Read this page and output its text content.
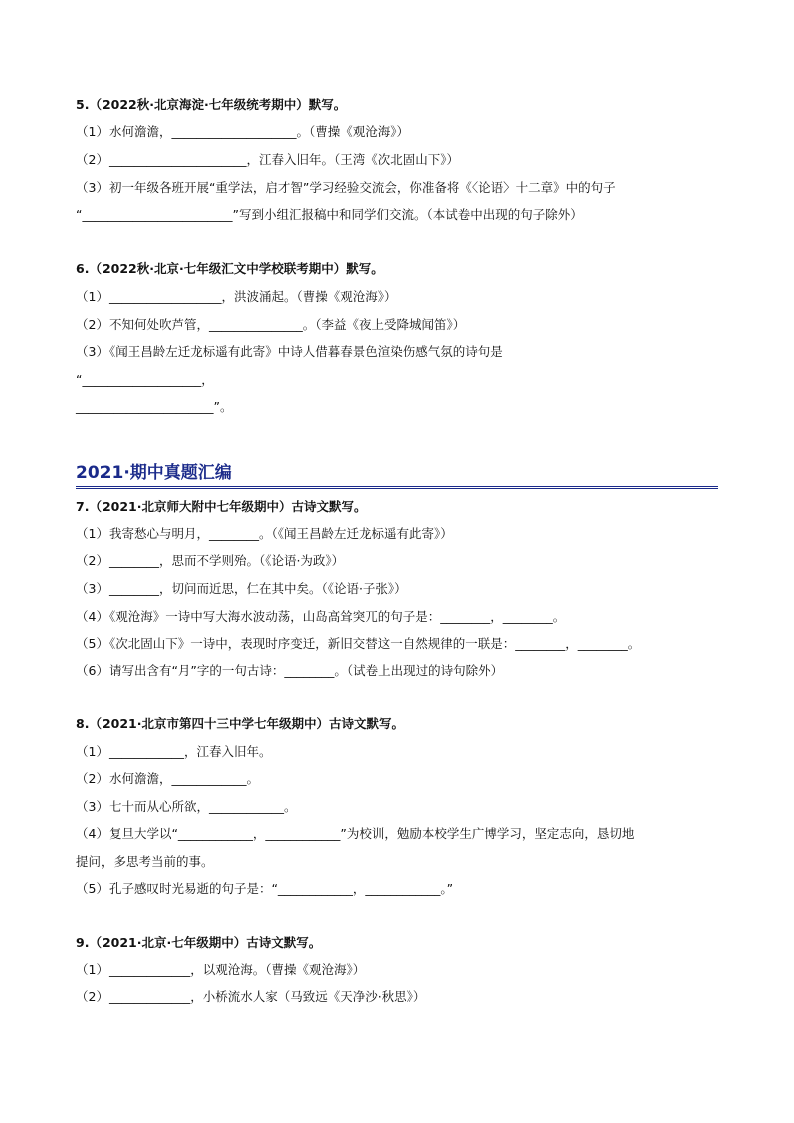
5.（2022秋·北京海淀·七年级统考期中）默写。
（1）水何澹澹，____________________。（曹操《观沧海》）
（2）______________________，江春入旧年。（王湾《次北固山下》）
（3）初一年级各班开展“重学法，启才智”学习经验交流会，你准备将《〈论语〉十二章》中的句子
“________________________”写到小组汇报稿中和同学们交流。（本试卷中出现的句子除外）
6.（2022秋·北京·七年级汇文中学校联考期中）默写。
（1）__________________，洪波涌起。（曹操《观沧海》）
（2）不知何处吹芦管，_______________。（李益《夜上受降城闻笛》）
（3）《闻王昌龄左迁龙标遥有此寄》中诗人借暮春景色渲染伤感气氛的诗句是
“___________________，
______________________”。
2021·期中真题汇编
7.（2021·北京师大附中七年级期中）古诗文默写。
（1）我寄愁心与明月，________。（《闻王昌龄左迁龙标遥有此寄》）
（2）________，思而不学则殆。（《论语·为政》）
（3）________，切问而近思，仁在其中矣。（《论语·子张》）
（4）《观沧海》一诗中写大海水波动荡，山岛高耸突兀的句子是：________，________。
（5）《次北固山下》一诗中，表现时序变迁，新旧交替这一自然规律的一联是：________，________。
（6）请写出含有“月”字的一句古诗：________。（试卷上出现过的诗句除外）
8.（2021·北京市第四十三中学七年级期中）古诗文默写。
（1）____________，江春入旧年。
（2）水何澹澹，____________。
（3）七十而从心所欲，____________。
（4）复旦大学以“____________，____________”为校训，勉励本校学生广博学习，坚定志向，恳切地
提问，多思考当前的事。
（5）孔子感叹时光易逝的句子是：“____________，____________。”
9.（2021·北京·七年级期中）古诗文默写。
（1）_____________，以观沧海。（曹操《观沧海》）
（2）_____________，小桥流水人家（马致远《天净沙·秋思》）
